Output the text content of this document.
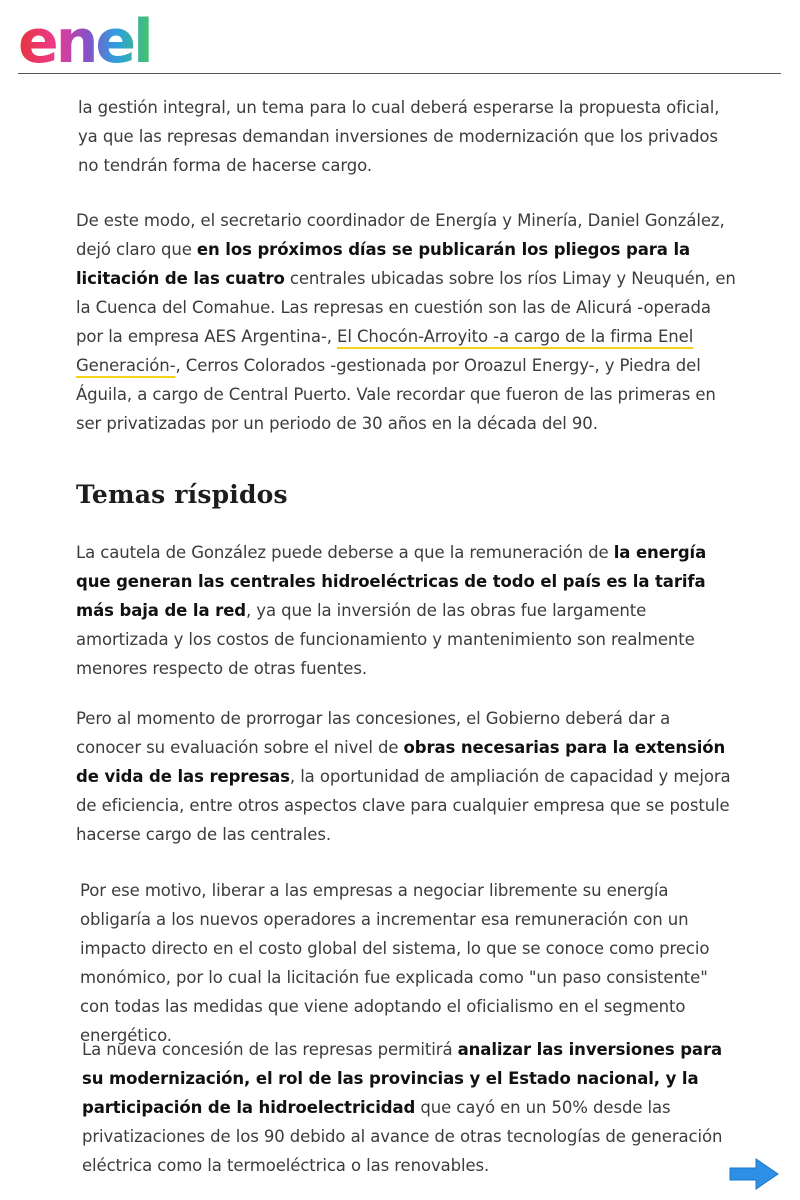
enel

la gestión integral, un tema para lo cual deberá esperarse la propuesta oficial, ya que las represas demandan inversiones de modernización que los privados no tendrán forma de hacerse cargo.

De este modo, el secretario coordinador de Energía y Minería, Daniel González, dejó claro que en los próximos días se publicarán los pliegos para la licitación de las cuatro centrales ubicadas sobre los ríos Limay y Neuquén, en la Cuenca del Comahue. Las represas en cuestión son las de Alicurá -operada por la empresa AES Argentina-, El Chocón-Arroyito -a cargo de la firma Enel Generación-, Cerros Colorados -gestionada por Oroazul Energy-, y Piedra del Águila, a cargo de Central Puerto. Vale recordar que fueron de las primeras en ser privatizadas por un periodo de 30 años en la década del 90.

Temas ríspidos

La cautela de González puede deberse a que la remuneración de la energía que generan las centrales hidroeléctricas de todo el país es la tarifa más baja de la red, ya que la inversión de las obras fue largamente amortizada y los costos de funcionamiento y mantenimiento son realmente menores respecto de otras fuentes.

Pero al momento de prorrogar las concesiones, el Gobierno deberá dar a conocer su evaluación sobre el nivel de obras necesarias para la extensión de vida de las represas, la oportunidad de ampliación de capacidad y mejora de eficiencia, entre otros aspectos clave para cualquier empresa que se postule hacerse cargo de las centrales.

Por ese motivo, liberar a las empresas a negociar libremente su energía obligaría a los nuevos operadores a incrementar esa remuneración con un impacto directo en el costo global del sistema, lo que se conoce como precio monómico, por lo cual la licitación fue explicada como "un paso consistente" con todas las medidas que viene adoptando el oficialismo en el segmento energético.

La nueva concesión de las represas permitirá analizar las inversiones para su modernización, el rol de las provincias y el Estado nacional, y la participación de la hidroelectricidad que cayó en un 50% desde las privatizaciones de los 90 debido al avance de otras tecnologías de generación eléctrica como la termoeléctrica o las renovables.
